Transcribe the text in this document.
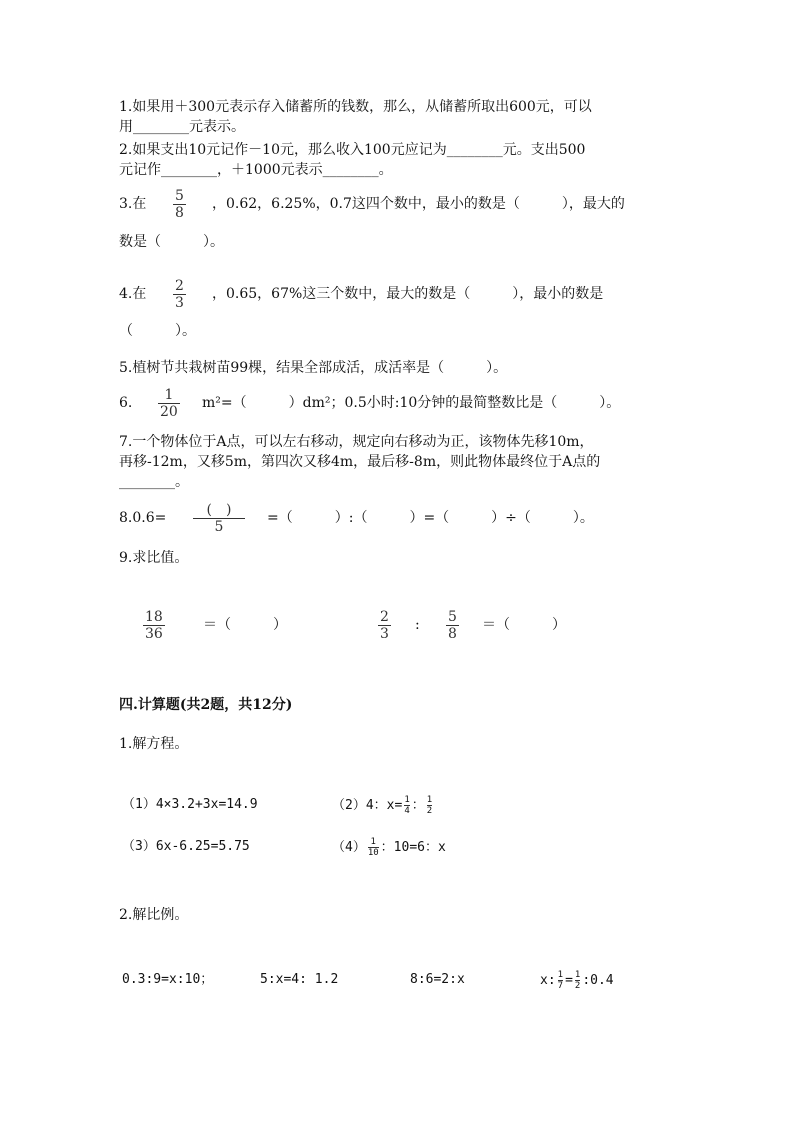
1.如果用＋300元表示存入储蓄所的钱数，那么，从储蓄所取出600元，可以
用________元表示。
2.如果支出10元记作－10元，那么收入100元应记为________元。支出500
元记作________，＋1000元表示________。
3.在 $\frac{5}{8}$ ，0.62，6.25%，0.7这四个数中，最小的数是（　　　），最大的
数是（　　　）。
4.在 $\frac{2}{3}$ ，0.65，67%这三个数中，最大的数是（　　　），最小的数是
（　　　）。
5.植树节共栽树苗99棵，结果全部成活，成活率是（　　　）。
6. $\frac{1}{20} m^2=$（　　　）dm²；0.5小时:10分钟的最简整数比是（　　　）。
7.一个物体位于A点，可以左右移动，规定向右移动为正，该物体先移10m，
再移-12m，又移5m，第四次又移4m，最后移-8m，则此物体最终位于A点的
________。
8.0.6=	(　)
5
=（　　　）:（　　　）=（　　　）÷（　　　）。
9.求比值。
$\frac{18}{36}$	＝（　　　）	$\frac{2}{3}$ : $\frac{5}{8}$ ＝（　　　）
四.计算题(共2题，共12分)
1.解方程。
（1）4×3.2+3x=14.9	（2）4：$x= \frac{1}{4}$ ： $\frac{1}{2}$
（3）6x-6.25=5.75	$(4) \frac{1}{10}$ ：10=6：x
2.解比例。
0.3:9=x:10；	5:x=4: 1.2	8:6=2:x	x: $\frac{1}{7} = \frac{1}{2}$ :0.4
